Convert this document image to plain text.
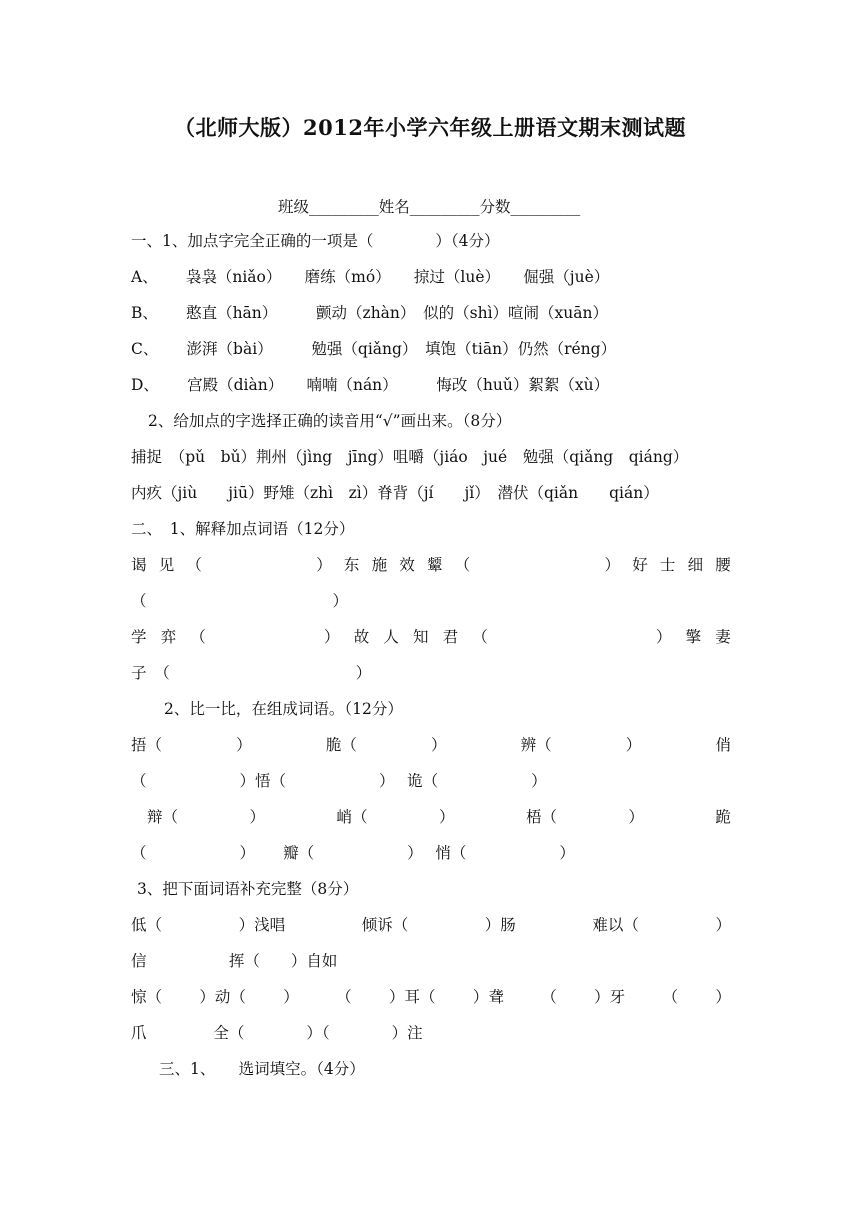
（北师大版）2012年小学六年级上册语文期末测试题
班级_________姓名_________分数_________
一、1、加点字完全正确的一项是（　　　　）（4分）
A、　　 袅袅（niǎo）　　磨练（mó）　　掠过（luè）　　倔强（juè）
B、　　 憨直（hān）　　　颤动（zhàn）　似的（shì）喧闹（xuān）
C、　　 澎湃（bài）　　　勉强（qiǎng）　填饱（tiān）仍然（réng）
D、　　 宫殿（diàn）　　喃喃（nán）　　　悔改（huǔ）絮絮（xù）
2、给加点的字选择正确的读音用“√”画出来。（8分）
捕捉　（pǔ　bǔ）荆州（jìng　jīng）咀嚼（jiáo　jué　勉强（qiǎng　qiáng）
内疚（jiù　　jiū）野雉（zhì　zì）脊背（jí　　jǐ）　潜伏（qiǎn　　qián）
二、　1、解释加点词语（12分）
谒 见 （	） 东 施 效 颦 （	） 好 士 细 腰
（　　　　　　　　　　　　）
学 弈 （	） 故 人 知 君 （	） 擎 妻
子　（　　　　　　　　　　　　）
2、比一比，在组成词语。（12分）
捂（	）	脆（	）	辨（	）	俏
（　　　　　　）悟（　　　　　　）　 诡（　　　　　　）
辩（	）	峭（	）	梧（	）	跪
（　　　　　　）　　 瓣（　　　　　　）　 悄（　　　　　　）
3、把下面词语补充完整（8分）
低（	）浅唱	倾诉（	）肠	难以（	）
信　　　　　 挥（　　）自如
惊（ ）动（ ） （ ）耳（ ）聋 （ ）牙 （ ）
爪　　　　 全（　　　　）（　　　　）注
三、1、　　选词填空。（4分）
